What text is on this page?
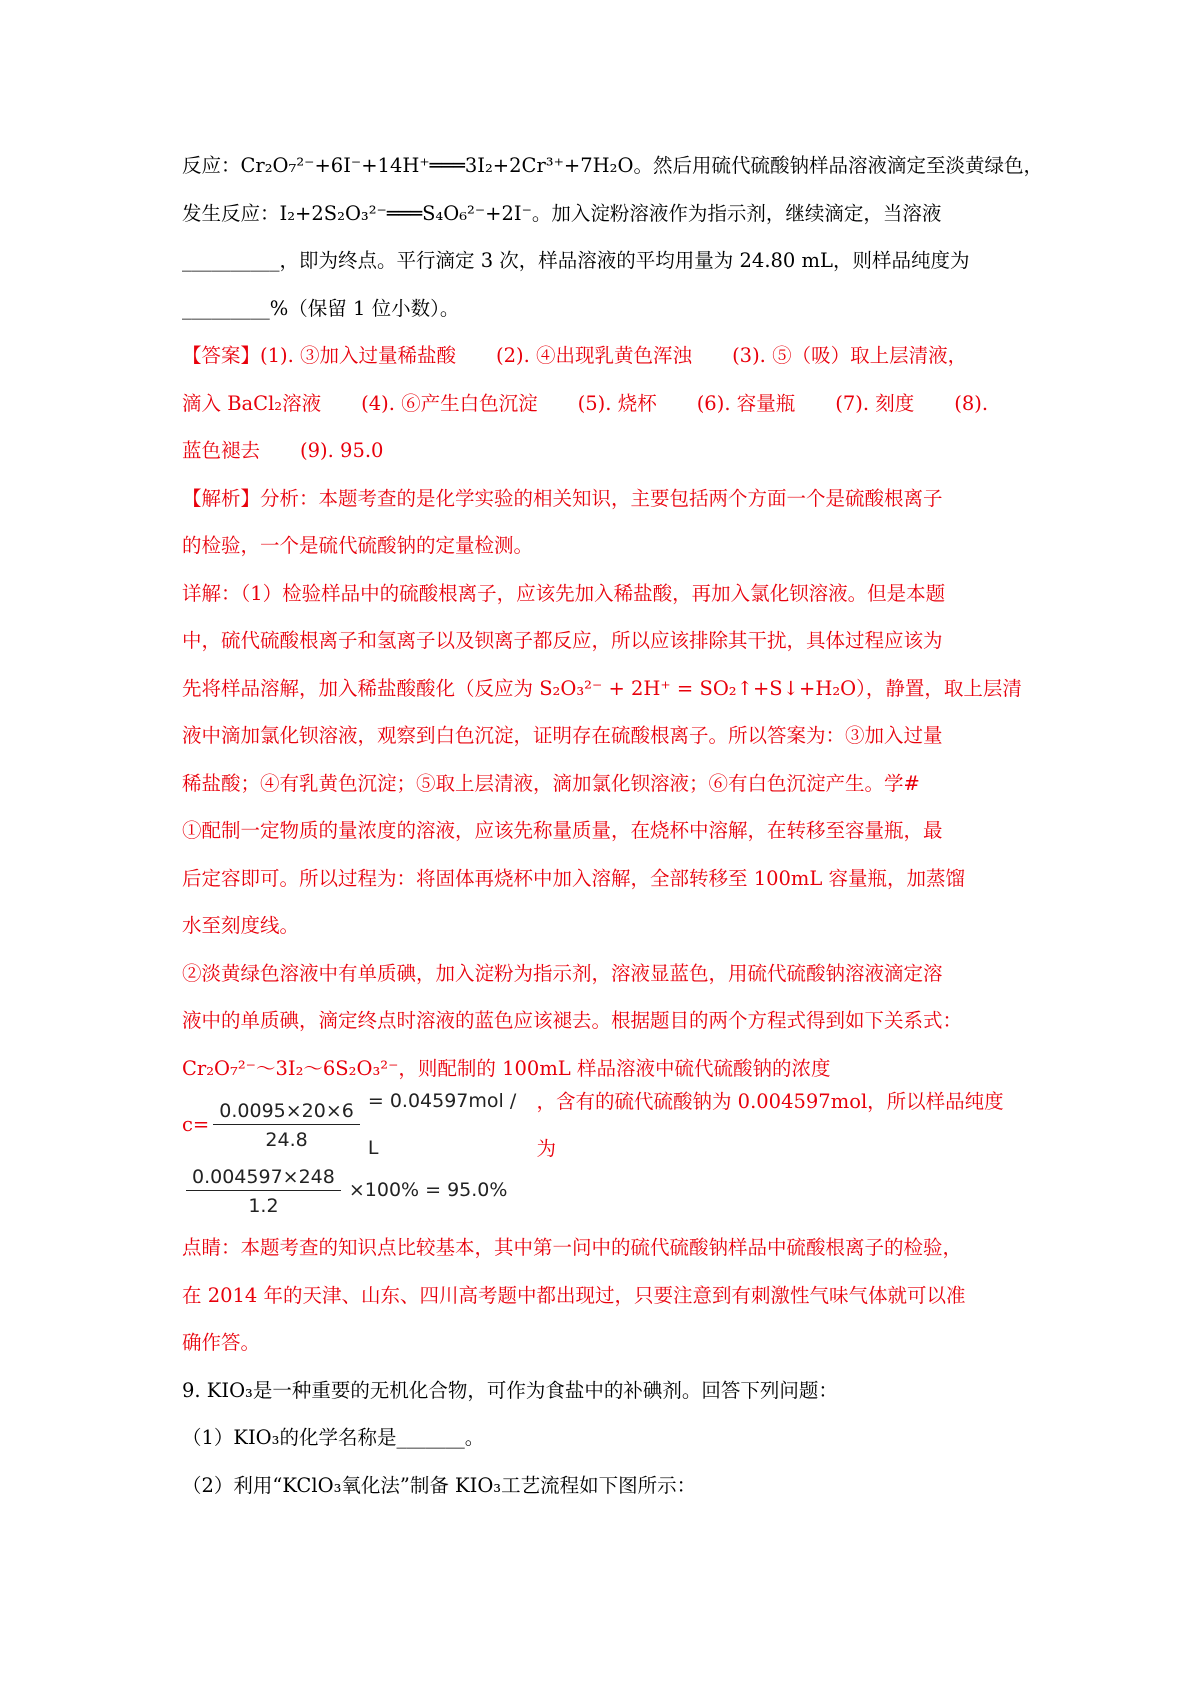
反应：Cr₂O₇²⁻+6I⁻+14H⁺═══3I₂+2Cr³⁺+7H₂O。然后用硫代硫酸钠样品溶液滴定至淡黄绿色，

发生反应：I₂+2S₂O₃²⁻═══S₄O₆²⁻+2I⁻。加入淀粉溶液作为指示剂，继续滴定，当溶液

__________，即为终点。平行滴定 3 次，样品溶液的平均用量为 24.80 mL，则样品纯度为

_________%（保留 1 位小数）。

【答案】(1). ③加入过量稀盐酸 (2). ④出现乳黄色浑浊 (3). ⑤（吸）取上层清液，

滴入 BaCl₂溶液 (4). ⑥产生白色沉淀 (5). 烧杯 (6). 容量瓶 (7). 刻度 (8).

蓝色褪去 (9). 95.0

【解析】分析：本题考查的是化学实验的相关知识，主要包括两个方面一个是硫酸根离子

的检验，一个是硫代硫酸钠的定量检测。

详解：（1）检验样品中的硫酸根离子，应该先加入稀盐酸，再加入氯化钡溶液。但是本题

中，硫代硫酸根离子和氢离子以及钡离子都反应，所以应该排除其干扰，具体过程应该为

先将样品溶解，加入稀盐酸酸化（反应为 S₂O₃²⁻ + 2H⁺ = SO₂↑+S↓+H₂O），静置，取上层清

液中滴加氯化钡溶液，观察到白色沉淀，证明存在硫酸根离子。所以答案为：③加入过量

稀盐酸；④有乳黄色沉淀；⑤取上层清液，滴加氯化钡溶液；⑥有白色沉淀产生。学#

①配制一定物质的量浓度的溶液，应该先称量质量，在烧杯中溶解，在转移至容量瓶，最

后定容即可。所以过程为：将固体再烧杯中加入溶解，全部转移至 100mL 容量瓶，加蒸馏

水至刻度线。

②淡黄绿色溶液中有单质碘，加入淀粉为指示剂，溶液显蓝色，用硫代硫酸钠溶液滴定溶

液中的单质碘，滴定终点时溶液的蓝色应该褪去。根据题目的两个方程式得到如下关系式：

Cr₂O₇²⁻～3I₂～6S₂O₃²⁻，则配制的 100mL 样品溶液中硫代硫酸钠的浓度

$c= \frac{0.0095\times 20\times 6}{24.8} = 0.04597mol / L$
，含有的硫代硫酸钠为 0.004597mol，所以样品纯度为
$\frac{0.004597\times 248}{1.2} \times 100\% = 95.0\%$

点睛：本题考查的知识点比较基本，其中第一问中的硫代硫酸钠样品中硫酸根离子的检验，

在 2014 年的天津、山东、四川高考题中都出现过，只要注意到有刺激性气味气体就可以准

确作答。

9. KIO₃是一种重要的无机化合物，可作为食盐中的补碘剂。回答下列问题：

（1）KIO₃的化学名称是_______。

（2）利用“KClO₃氧化法”制备 KIO₃工艺流程如下图所示：
